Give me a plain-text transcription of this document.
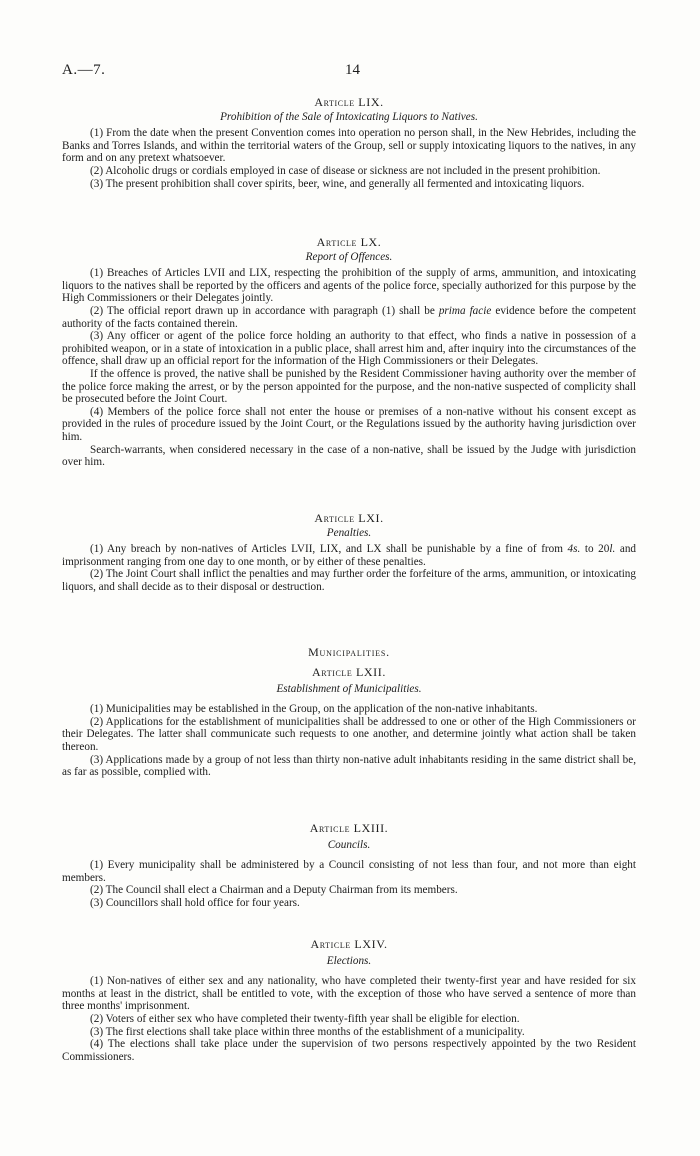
A.—7.	14
Article LIX.
Prohibition of the Sale of Intoxicating Liquors to Natives.

(1) From the date when the present Convention comes into operation no person shall, in the New Hebrides, including the Banks and Torres Islands, and within the territorial waters of the Group, sell or supply intoxicating liquors to the natives, in any form and on any pretext whatsoever.

(2) Alcoholic drugs or cordials employed in case of disease or sickness are not included in the present prohibition.

(3) The present prohibition shall cover spirits, beer, wine, and generally all fermented and intoxicating liquors.

Article LX.
Report of Offences.

(1) Breaches of Articles LVII and LIX, respecting the prohibition of the supply of arms, ammunition, and intoxicating liquors to the natives shall be reported by the officers and agents of the police force, specially authorized for this purpose by the High Commissioners or their Delegates jointly.

(2) The official report drawn up in accordance with paragraph (1) shall be prima facie evidence before the competent authority of the facts contained therein.

(3) Any officer or agent of the police force holding an authority to that effect, who finds a native in possession of a prohibited weapon, or in a state of intoxication in a public place, shall arrest him and, after inquiry into the circumstances of the offence, shall draw up an official report for the information of the High Commissioners or their Delegates.

If the offence is proved, the native shall be punished by the Resident Commissioner having authority over the member of the police force making the arrest, or by the person appointed for the purpose, and the non-native suspected of complicity shall be prosecuted before the Joint Court.

(4) Members of the police force shall not enter the house or premises of a non-native without his consent except as provided in the rules of procedure issued by the Joint Court, or the Regulations issued by the authority having jurisdiction over him.

Search-warrants, when considered necessary in the case of a non-native, shall be issued by the Judge with jurisdiction over him.

Article LXI.
Penalties.

(1) Any breach by non-natives of Articles LVII, LIX, and LX shall be punishable by a fine of from 4s. to 20l. and imprisonment ranging from one day to one month, or by either of these penalties.

(2) The Joint Court shall inflict the penalties and may further order the forfeiture of the arms, ammunition, or intoxicating liquors, and shall decide as to their disposal or destruction.

Municipalities.
Article LXII.
Establishment of Municipalities.

(1) Municipalities may be established in the Group, on the application of the non-native inhabitants.

(2) Applications for the establishment of municipalities shall be addressed to one or other of the High Commissioners or their Delegates. The latter shall communicate such requests to one another, and determine jointly what action shall be taken thereon.

(3) Applications made by a group of not less than thirty non-native adult inhabitants residing in the same district shall be, as far as possible, complied with.

Article LXIII.
Councils.

(1) Every municipality shall be administered by a Council consisting of not less than four, and not more than eight members.

(2) The Council shall elect a Chairman and a Deputy Chairman from its members.

(3) Councillors shall hold office for four years.

Article LXIV.
Elections.

(1) Non-natives of either sex and any nationality, who have completed their twenty-first year and have resided for six months at least in the district, shall be entitled to vote, with the exception of those who have served a sentence of more than three months' imprisonment.

(2) Voters of either sex who have completed their twenty-fifth year shall be eligible for election.

(3) The first elections shall take place within three months of the establishment of a municipality.

(4) The elections shall take place under the supervision of two persons respectively appointed by the two Resident Commissioners.
